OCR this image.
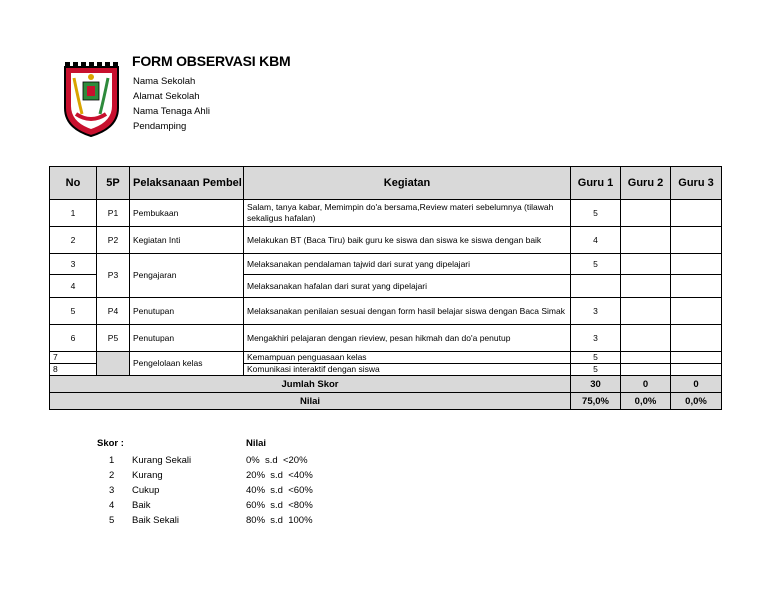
FORM OBSERVASI KBM
Nama Sekolah
Alamat Sekolah
Nama Tenaga Ahli
Pendamping
No	5P	Pelaksanaan Pembel	Kegiatan	Guru 1	Guru 2	Guru 3
1	P1	Pembukaan	Salam, tanya kabar, Memimpin do'a bersama,Review materi sebelumnya (tilawah sekaligus hafalan)	5		
2	P2	Kegiatan Inti	Melakukan BT (Baca Tiru) baik guru ke siswa dan siswa ke siswa dengan baik	4		
3	P3	Pengajaran	Melaksanakan pendalaman tajwid dari surat yang dipelajari	5		
4			Melaksanakan hafalan dari surat yang dipelajari			
5	P4	Penutupan	Melaksanakan penilaian sesuai dengan form hasil belajar siswa dengan Baca Simak	3		
6	P5	Penutupan	Mengakhiri pelajaran dengan rieview, pesan hikmah dan do'a penutup	3		
7		Pengelolaan kelas	Kemampuan penguasaan kelas	5		
8			Komunikasi interaktif dengan siswa	5		
Jumlah Skor				30	0	0
Nilai				75,0%	0,0%	0,0%
Skor :	Nilai
1 Kurang Sekali	0%  s.d  <20%
2 Kurang	20%  s.d  <40%
3 Cukup	40%  s.d  <60%
4 Baik	60%  s.d  <80%
5 Baik Sekali	80%  s.d  100%
